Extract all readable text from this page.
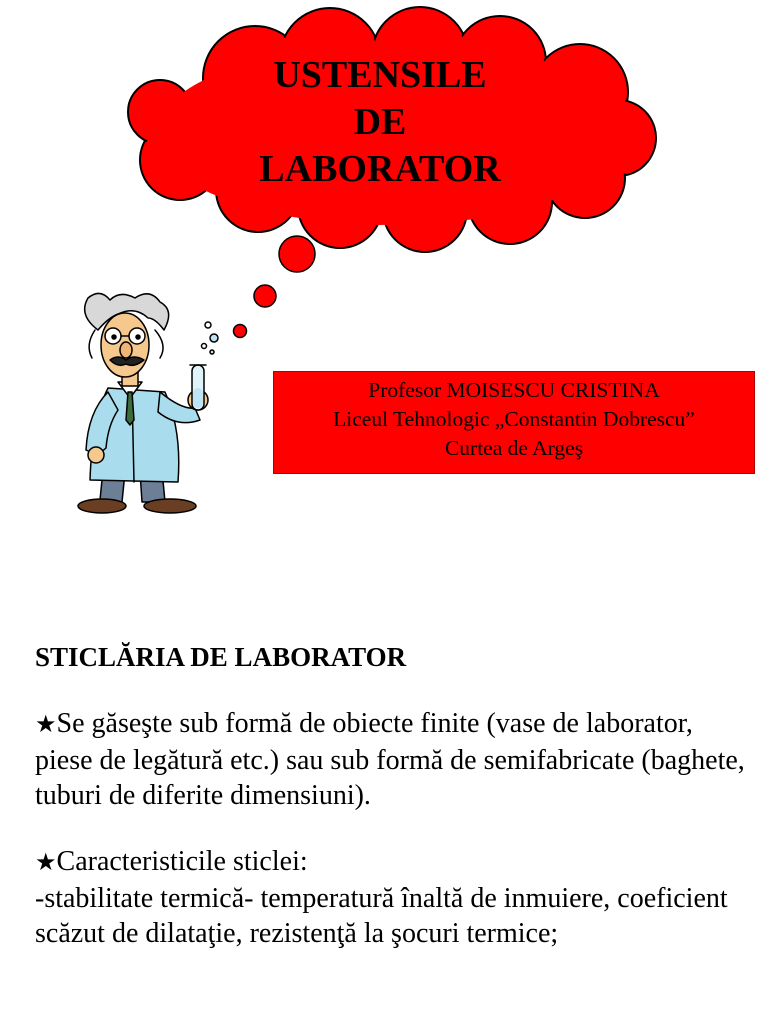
USTENSILE
DE
LABORATOR
Profesor MOISESCU CRISTINA
Liceul Tehnologic „Constantin Dobrescu”
Curtea de Argeş
STICLĂRIA DE LABORATOR
★Se găseşte sub formă de obiecte finite (vase de laborator, piese de legătură etc.) sau sub formă de semifabricate (baghete, tuburi de diferite dimensiuni).
★Caracteristicile sticlei:
-stabilitate termică- temperatură înaltă de inmuiere, coeficient scăzut de dilataţie, rezistenţă la şocuri termice;
